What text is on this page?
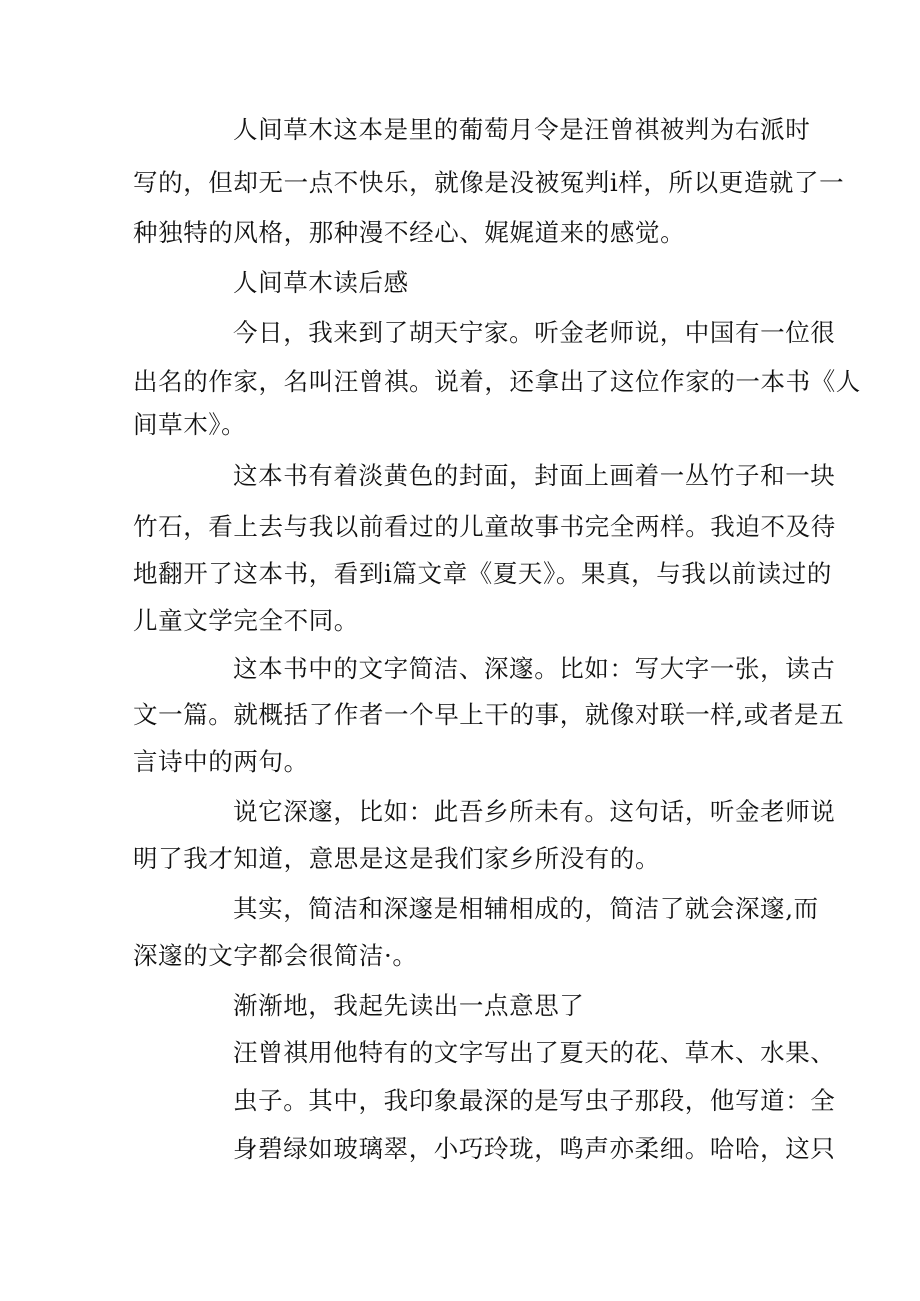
人间草木这本是里的葡萄月令是汪曾祺被判为右派时
写的，但却无一点不快乐，就像是没被冤判i样，所以更造就了一
种独特的风格，那种漫不经心、娓娓道来的感觉。
人间草木读后感
今日，我来到了胡天宁家。听金老师说，中国有一位很
出名的作家，名叫汪曾祺。说着，还拿出了这位作家的一本书《人
间草木》。
这本书有着淡黄色的封面，封面上画着一丛竹子和一块
竹石，看上去与我以前看过的儿童故事书完全两样。我迫不及待
地翻开了这本书，看到i篇文章《夏天》。果真，与我以前读过的
儿童文学完全不同。
这本书中的文字简洁、深邃。比如：写大字一张，读古
文一篇。就概括了作者一个早上干的事，就像对联一样,或者是五
言诗中的两句。
说它深邃，比如：此吾乡所未有。这句话，听金老师说
明了我才知道，意思是这是我们家乡所没有的。
其实，简洁和深邃是相辅相成的，简洁了就会深邃,而
深邃的文字都会很简洁·。
渐渐地，我起先读出一点意思了
汪曾祺用他特有的文字写出了夏天的花、草木、水果、
虫子。其中，我印象最深的是写虫子那段，他写道：全
身碧绿如玻璃翠，小巧玲珑，鸣声亦柔细。哈哈，这只
